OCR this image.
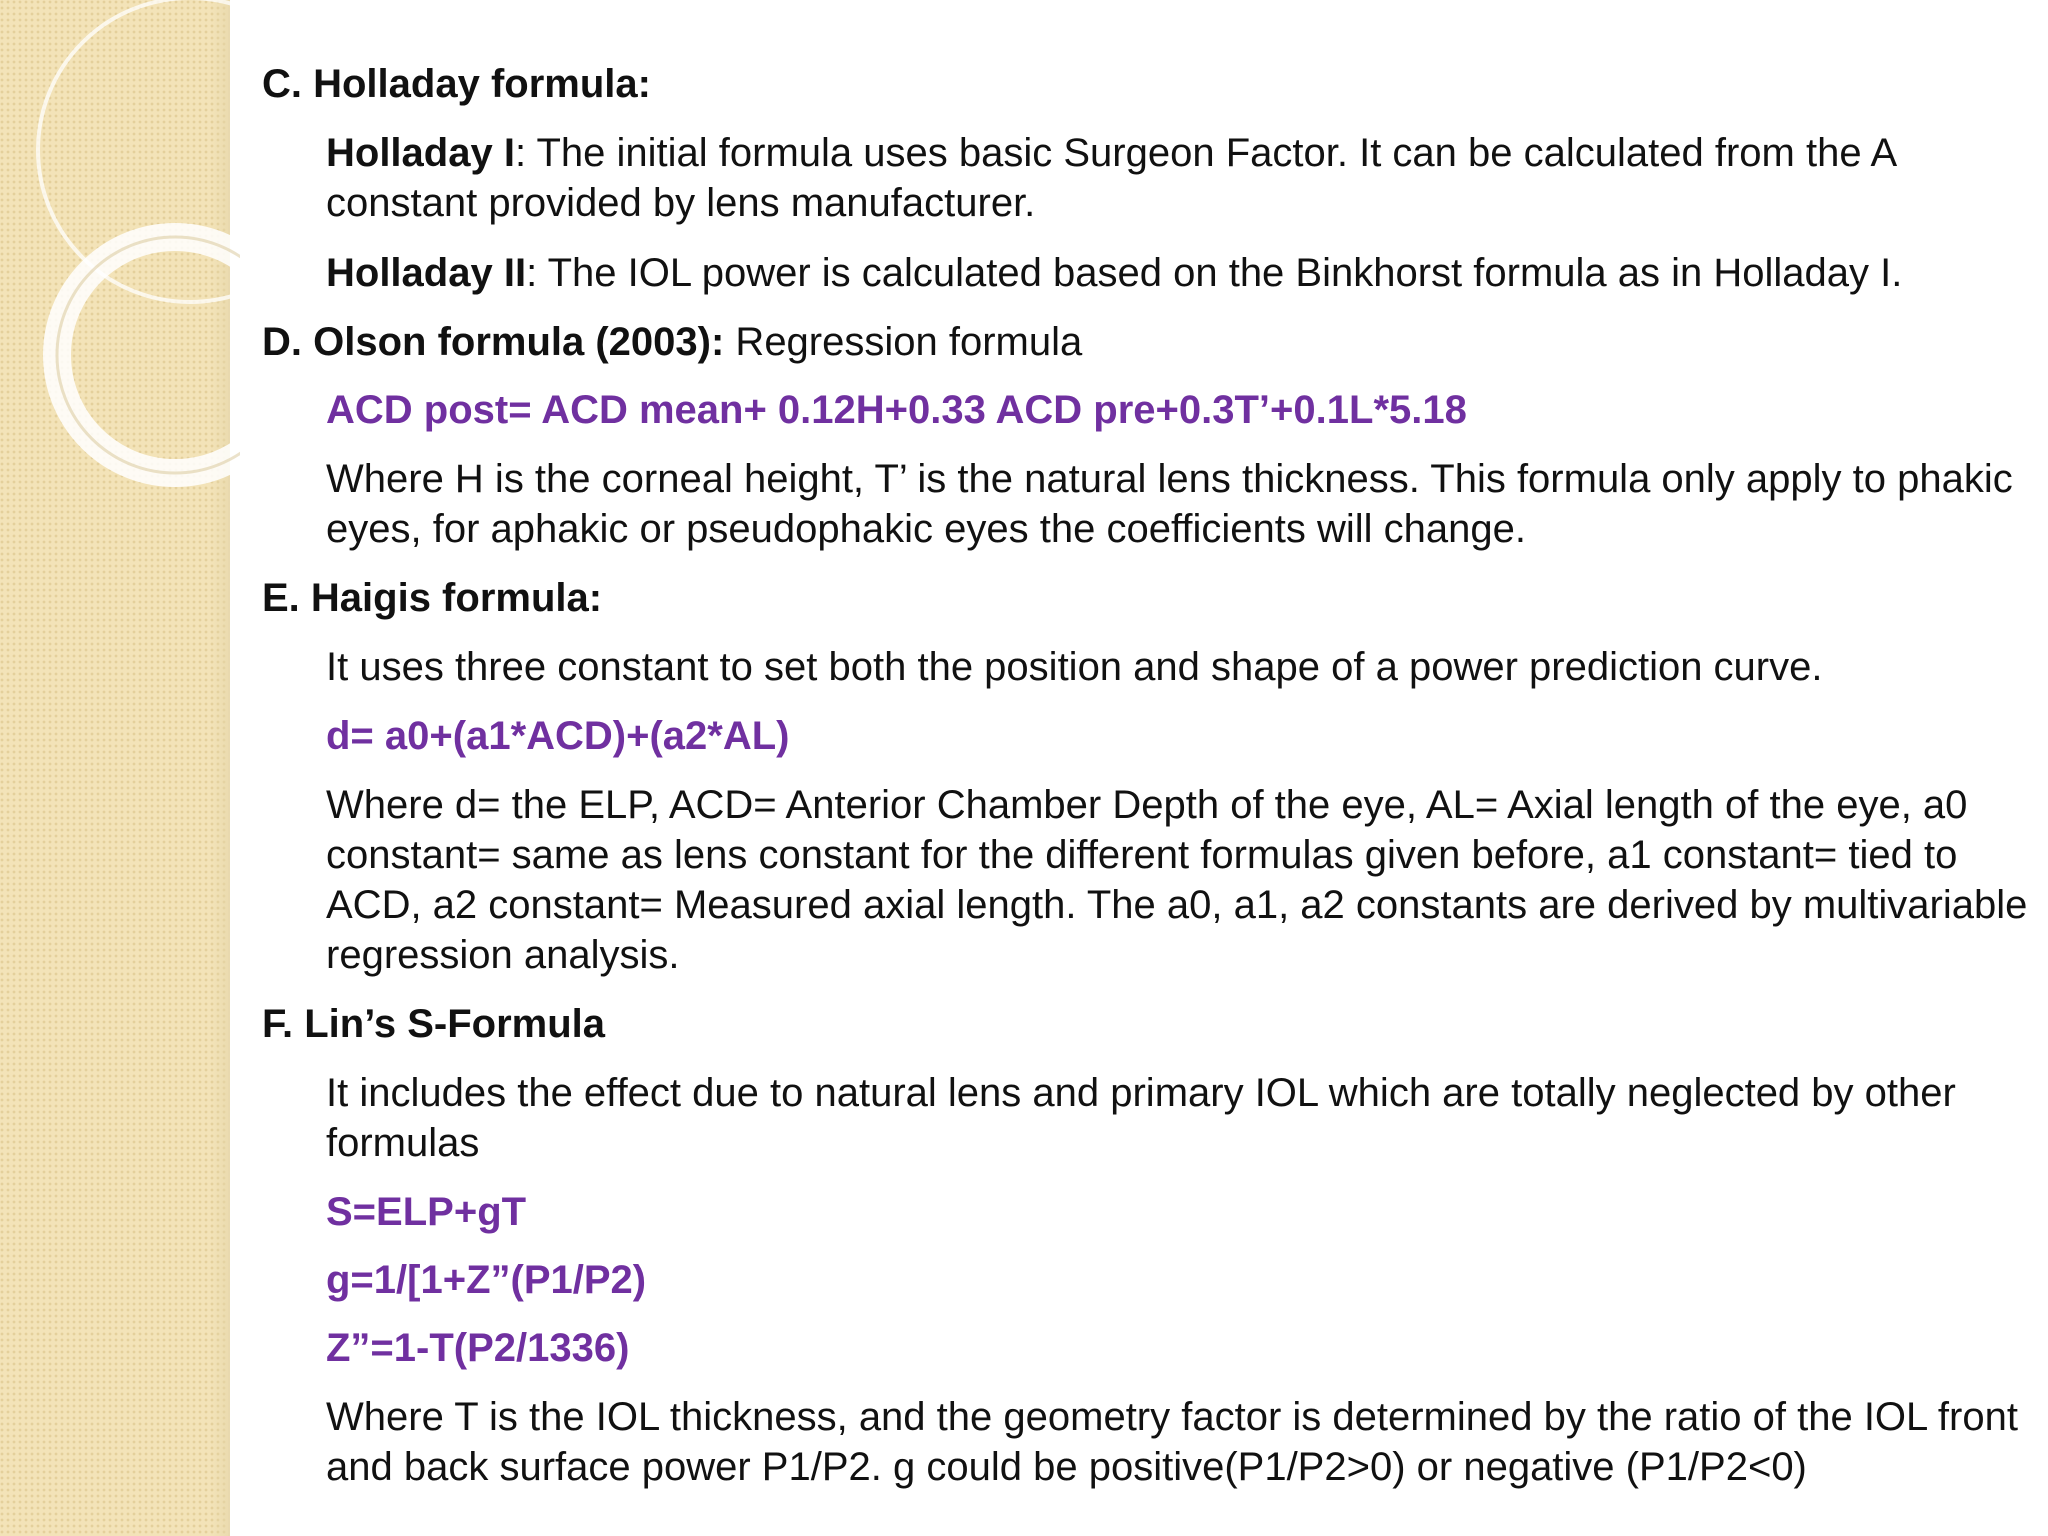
C. Holladay formula:
Holladay I: The initial formula uses basic Surgeon Factor. It can be calculated from the A constant provided by lens manufacturer.
Holladay II: The IOL power is calculated based on the Binkhorst formula as in Holladay I.
D. Olson formula (2003): Regression formula
ACD post= ACD mean+ 0.12H+0.33 ACD pre+0.3T’+0.1L*5.18
Where H is the corneal height, T’ is the natural lens thickness. This formula only apply to phakic eyes, for aphakic or pseudophakic eyes the coefficients will change.
E. Haigis formula:
It uses three constant to set both the position and shape of a power prediction curve.
d= a0+(a1*ACD)+(a2*AL)
Where d= the ELP, ACD= Anterior Chamber Depth of the eye, AL= Axial length of the eye, a0 constant= same as lens constant for the different formulas given before, a1 constant= tied to ACD, a2 constant= Measured axial length. The a0, a1, a2 constants are derived by multivariable regression analysis.
F. Lin’s S-Formula
It includes the effect due to natural lens and primary IOL which are totally neglected by other formulas
S=ELP+gT
g=1/[1+Z”(P1/P2)
Z”=1-T(P2/1336)
Where T is the IOL thickness, and the geometry factor is determined by the ratio of the IOL front and back surface power P1/P2. g could be positive(P1/P2>0) or negative (P1/P2<0)
